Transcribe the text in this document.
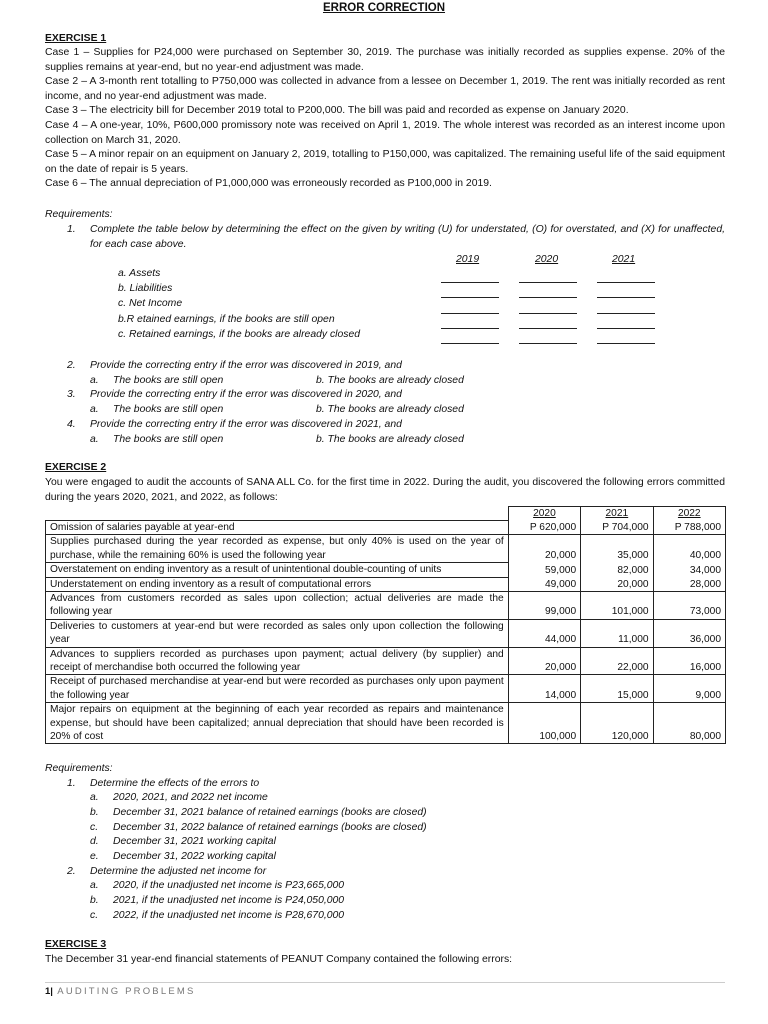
ERROR CORRECTION
EXERCISE 1
Case 1 – Supplies for P24,000 were purchased on September 30, 2019. The purchase was initially recorded as supplies expense. 20% of the supplies remains at year-end, but no year-end adjustment was made.
Case 2 – A 3-month rent totalling to P750,000 was collected in advance from a lessee on December 1, 2019. The rent was initially recorded as rent income, and no year-end adjustment was made.
Case 3 – The electricity bill for December 2019 total to P200,000. The bill was paid and recorded as expense on January 2020.
Case 4 – A one-year, 10%, P600,000 promissory note was received on April 1, 2019. The whole interest was recorded as an interest income upon collection on March 31, 2020.
Case 5 – A minor repair on an equipment on January 2, 2019, totalling to P150,000, was capitalized. The remaining useful life of the said equipment on the date of repair is 5 years.
Case 6 – The annual depreciation of P1,000,000 was erroneously recorded as P100,000 in 2019.
Requirements:
1. Complete the table below by determining the effect on the given by writing (U) for understated, (O) for overstated, and (X) for unaffected, for each case above.
2019	2020	2021
a. Assets
b. Liabilities
c. Net Income
b.R etained earnings, if the books are still open
c. Retained earnings, if the books are already closed
2. Provide the correcting entry if the error was discovered in 2019, and
a. The books are still open	b. The books are already closed
3. Provide the correcting entry if the error was discovered in 2020, and
a. The books are still open	b. The books are already closed
4. Provide the correcting entry if the error was discovered in 2021, and
a. The books are still open	b. The books are already closed
EXERCISE 2
You were engaged to audit the accounts of SANA ALL Co. for the first time in 2022. During the audit, you discovered the following errors committed during the years 2020, 2021, and 2022, as follows:
	2020	2021	2022
Omission of salaries payable at year-end	P 620,000	P 704,000	P 788,000
Supplies purchased during the year recorded as expense, but only 40% is used on the year of purchase, while the remaining 60% is used the following year	20,000	35,000	40,000
Overstatement on ending inventory as a result of unintentional double-counting of units	59,000	82,000	34,000
Understatement on ending inventory as a result of computational errors	49,000	20,000	28,000
Advances from customers recorded as sales upon collection; actual deliveries are made the following year	99,000	101,000	73,000
Deliveries to customers at year-end but were recorded as sales only upon collection the following year	44,000	11,000	36,000
Advances to suppliers recorded as purchases upon payment; actual delivery (by supplier) and receipt of merchandise both occurred the following year	20,000	22,000	16,000
Receipt of purchased merchandise at year-end but were recorded as purchases only upon payment the following year	14,000	15,000	9,000
Major repairs on equipment at the beginning of each year recorded as repairs and maintenance expense, but should have been capitalized; annual depreciation that should have been recorded is 20% of cost	100,000	120,000	80,000
Requirements:
1. Determine the effects of the errors to
a. 2020, 2021, and 2022 net income
b. December 31, 2021 balance of retained earnings (books are closed)
c. December 31, 2022 balance of retained earnings (books are closed)
d. December 31, 2021 working capital
e. December 31, 2022 working capital
2. Determine the adjusted net income for
a. 2020, if the unadjusted net income is P23,665,000
b. 2021, if the unadjusted net income is P24,050,000
c. 2022, if the unadjusted net income is P28,670,000
EXERCISE 3
The December 31 year-end financial statements of PEANUT Company contained the following errors:
1| AUDITING PROBLEMS
